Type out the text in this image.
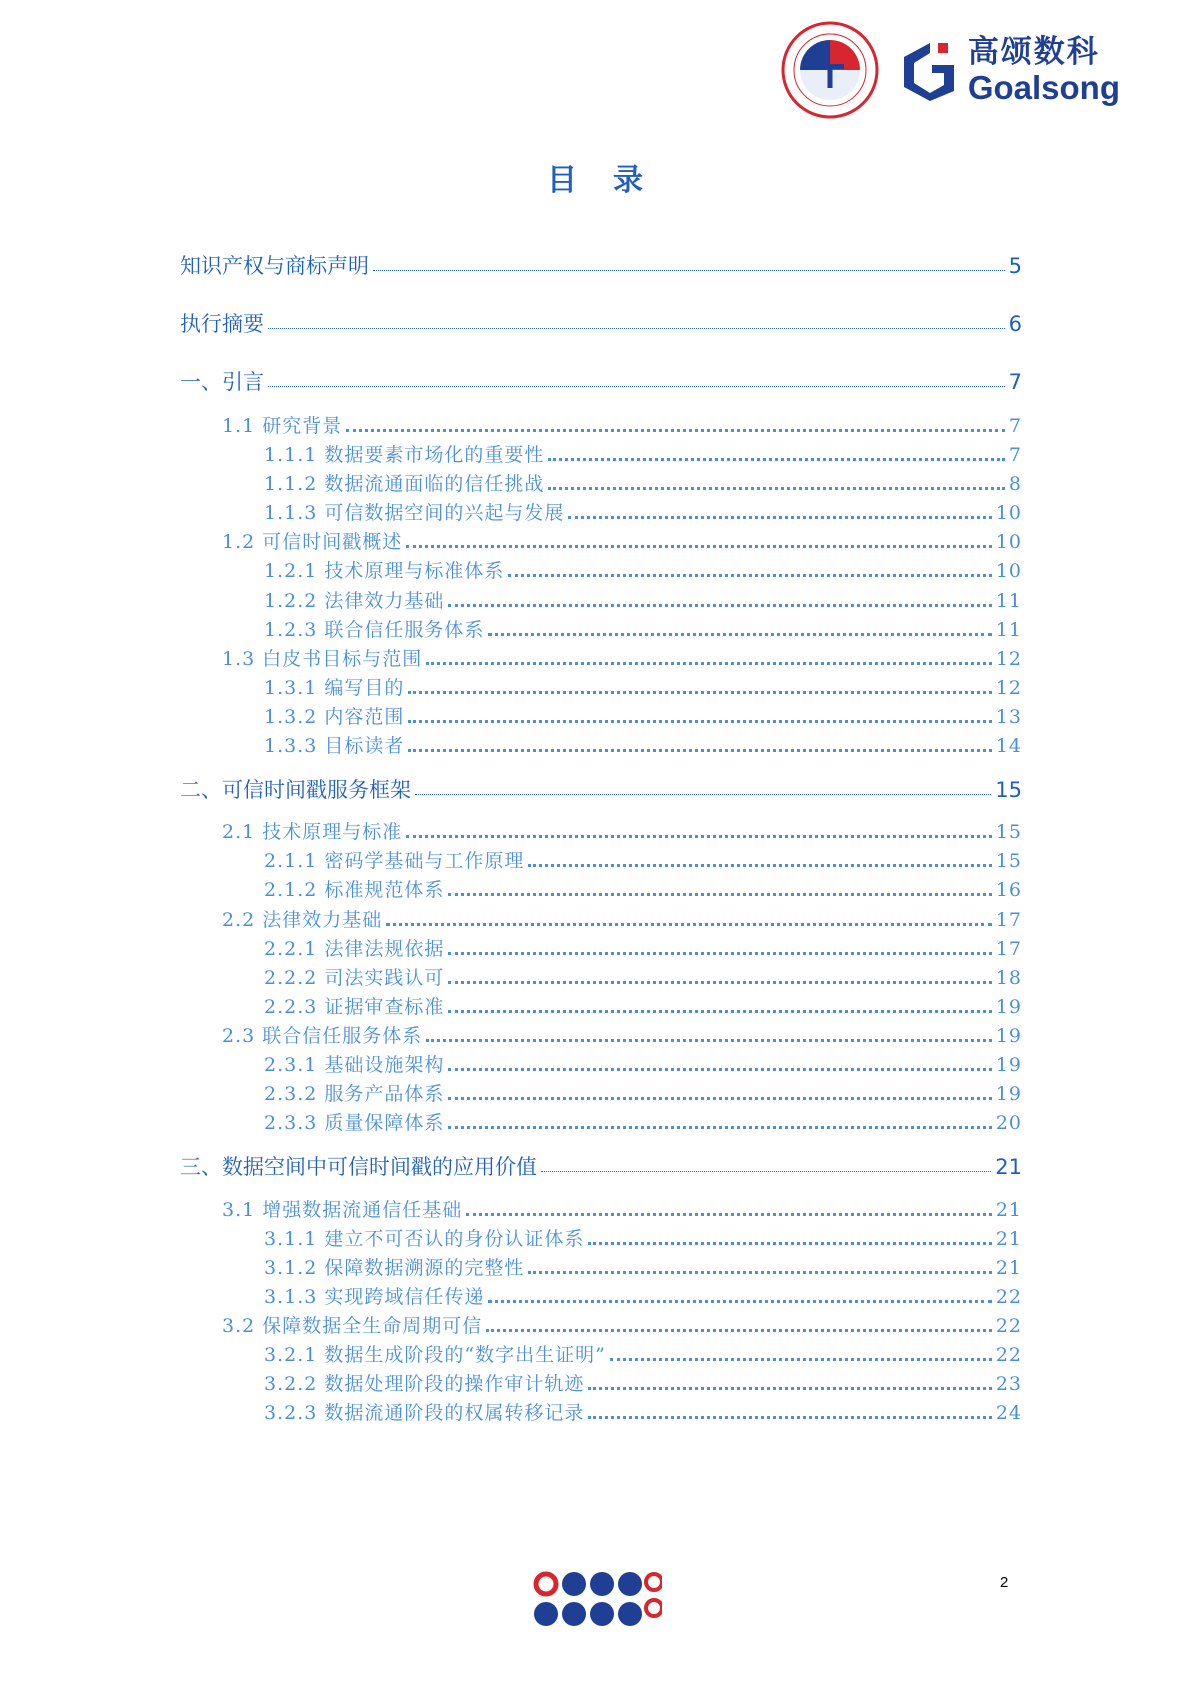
高颂数科
Goalsong
目录
知识产权与商标声明	5
执行摘要	6
一、引言	7
1.1 研究背景	7
1.1.1 数据要素市场化的重要性	7
1.1.2 数据流通面临的信任挑战	8
1.1.3 可信数据空间的兴起与发展	10
1.2 可信时间戳概述	10
1.2.1 技术原理与标准体系	10
1.2.2 法律效力基础	11
1.2.3 联合信任服务体系	11
1.3 白皮书目标与范围	12
1.3.1 编写目的	12
1.3.2 内容范围	13
1.3.3 目标读者	14
二、可信时间戳服务框架	15
2.1 技术原理与标准	15
2.1.1 密码学基础与工作原理	15
2.1.2 标准规范体系	16
2.2 法律效力基础	17
2.2.1 法律法规依据	17
2.2.2 司法实践认可	18
2.2.3 证据审查标准	19
2.3 联合信任服务体系	19
2.3.1 基础设施架构	19
2.3.2 服务产品体系	19
2.3.3 质量保障体系	20
三、数据空间中可信时间戳的应用价值	21
3.1 增强数据流通信任基础	21
3.1.1 建立不可否认的身份认证体系	21
3.1.2 保障数据溯源的完整性	21
3.1.3 实现跨域信任传递	22
3.2 保障数据全生命周期可信	22
3.2.1 数据生成阶段的“数字出生证明”	22
3.2.2 数据处理阶段的操作审计轨迹	23
3.2.3 数据流通阶段的权属转移记录	24
2
